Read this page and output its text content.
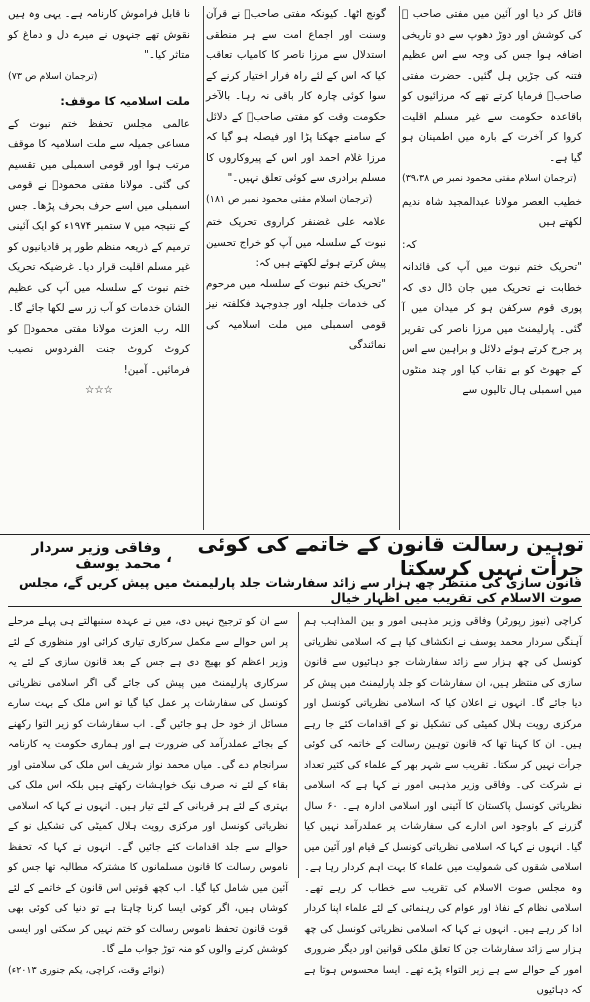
قائل کر دیا اور آئین میں مفتی صاحب ؒ کی کوشش اور دوڑ دھوپ سے دو تاریخی اضافہ ہوا جس کی وجہ سے اس عظیم فتنہ کی جڑیں ہل گئیں۔ حضرت مفتی صاحبؒ فرمایا کرتے تھے کہ مرزائیوں کو باقاعدہ حکومت سے غیر مسلم اقلیت کروا کر آخرت کے بارہ میں اطمینان ہو گیا ہے۔

(ترجمان اسلام مفتی محمود نمبر ص ۳۹،۳۸)

خطیب العصر مولانا عبدالمجید شاہ ندیم لکھتے ہیں

کہ:

"تحریک ختم نبوت میں آپ کی قائدانہ خطابت نے تحریک میں جان ڈال دی کہ پوری قوم سرکفن ہو کر میدان میں آ گئی۔ پارلیمنٹ میں مرزا ناصر کی تقریر پر جرح کرتے ہوئے دلائل و براہین سے اس کے جھوٹ کو بے نقاب کیا اور چند منٹوں میں اسمبلی ہال تالیوں سے

گونج اٹھا۔ کیونکہ مفتی صاحبؒ نے قرآن وسنت اور اجماع امت سے ہر منطقی استدلال سے مرزا ناصر کا کامیاب تعاقب کیا کہ اس کے لئے راہ فرار اختیار کرنے کے سوا کوئی چارہ کار باقی نہ رہا۔ بالآخر حکومت وقت کو مفتی صاحبؒ کے دلائل کے سامنے جھکنا پڑا اور فیصلہ ہو گیا کہ مرزا غلام احمد اور اس کے پیروکاروں کا مسلم برادری سے کوئی تعلق نہیں۔"

(ترجمان اسلام مفتی محمود نمبر ص ۱۸۱)

علامہ علی غضنفر کراروی تحریک ختم نبوت کے سلسلہ میں آپ کو خراج تحسین پیش کرتے ہوئے لکھتے ہیں کہ:

"تحریک ختم نبوت کے سلسلہ میں مرحوم کی خدمات جلیلہ اور جدوجہد فکلفتہ نیز قومی اسمبلی میں ملت اسلامیہ کی نمائندگی

نا قابل فراموش کارنامہ ہے۔ یہی وہ ہیں نقوش تھے جنہوں نے میرے دل و دماغ کو متاثر کیا۔"

(ترجمان اسلام ص ۷۳)

ملت اسلامیہ کا موقف:

عالمی مجلس تحفظ ختم نبوت کے مساعی جمیلہ سے ملت اسلامیہ کا موقف مرتب ہوا اور قومی اسمبلی میں تقسیم کی گئی۔ مولانا مفتی محمودؒ نے قومی اسمبلی میں اسے حرف بحرف پڑھا۔ جس کے نتیجہ میں ۷ ستمبر ۱۹۷۴ء کو ایک آئینی ترمیم کے ذریعہ منظم طور پر قادیانیوں کو غیر مسلم اقلیت قرار دیا۔ غرضیکہ تحریک ختم نبوت کے سلسلہ میں آپ کی عظیم الشان خدمات کو آب زر سے لکھا جائے گا۔ اللہ رب العزت مولانا مفتی محمودؒ کو کروٹ کروٹ جنت الفردوس نصیب فرمائیں۔ آمین!

☆☆☆

توہین رسالت قانون کے خاتمے کی کوئی جرأت نہیں کرسکتا
،
وفاقی وزیر سردار محمد یوسف
قانون سازی کی منتظر چھ ہزار سے زائد سفارشات جلد پارلیمنٹ میں پیش کریں گے، مجلس صوت الاسلام کی تقریب میں اظہار خیال

کراچی (نیوز رپورٹر) وفاقی وزیر مذہبی امور و بین المذاہب ہم آہنگی سردار محمد یوسف نے انکشاف کیا ہے کہ اسلامی نظریاتی کونسل کی چھ ہزار سے زائد سفارشات جو دہائیوں سے قانون سازی کی منتظر ہیں، ان سفارشات کو جلد پارلیمنٹ میں پیش کر دیا جائے گا۔ انہوں نے اعلان کیا کہ اسلامی نظریاتی کونسل اور مرکزی رویت ہلال کمیٹی کی تشکیل نو کے اقدامات کئے جا رہے ہیں۔ ان کا کہنا تھا کہ قانون توہین رسالت کے خاتمہ کی کوئی جرأت نہیں کر سکتا۔ تقریب سے شہر بھر کے علماء کی کثیر تعداد نے شرکت کی۔ وفاقی وزیر مذہبی امور نے کہا ہے کہ اسلامی نظریاتی کونسل پاکستان کا آئینی اور اسلامی ادارہ ہے۔ ۶۰ سال گزرنے کے باوجود اس ادارے کی سفارشات پر عملدرآمد نہیں کیا گیا۔ انہوں نے کہا کہ اسلامی نظریاتی کونسل کے قیام اور آئین میں اسلامی شقوں کی شمولیت میں علماء کا بہت اہم کردار رہا ہے۔ وہ مجلس صوت الاسلام کی تقریب سے خطاب کر رہے تھے۔ اسلامی نظام کے نفاذ اور عوام کی رہنمائی کے لئے علماء اپنا کردار ادا کر رہے ہیں۔ انہوں نے کہا کہ اسلامی نظریاتی کونسل کی چھ ہزار سے زائد سفارشات جن کا تعلق ملکی قوانین اور دیگر ضروری امور کے حوالے سے ہے زیر التواء پڑے تھے۔ ایسا محسوس ہوتا ہے کہ دہائیوں

سے ان کو ترجیح نہیں دی، میں نے عہدہ سنبھالتے ہی پہلے مرحلے پر اس حوالے سے مکمل سرکاری تیاری کرائی اور منظوری کے لئے وزیر اعظم کو بھیج دی ہے جس کے بعد قانون سازی کے لئے یہ سرکاری پارلیمنٹ میں پیش کی جائے گی اگر اسلامی نظریاتی کونسل کی سفارشات پر عمل کیا گیا تو اس ملک کے بہت سارے مسائل از خود حل ہو جائیں گے۔ اب سفارشات کو زیر التوا رکھنے کے بجائے عملدرآمد کی ضرورت ہے اور ہماری حکومت یہ کارنامہ سرانجام دے گی۔ میاں محمد نواز شریف اس ملک کی سلامتی اور بقاء کے لئے نہ صرف نیک خواہشات رکھتے ہیں بلکہ اس ملک کی بہتری کے لئے ہر قربانی کے لئے تیار ہیں۔ انہوں نے کہا کہ اسلامی نظریاتی کونسل اور مرکزی رویت ہلال کمیٹی کی تشکیل نو کے حوالے سے جلد اقدامات کئے جائیں گے۔ انہوں نے کہا کہ تحفظ ناموس رسالت کا قانون مسلمانوں کا مشترکہ مطالبہ تھا جس کو آئین میں شامل کیا گیا۔ اب کچھ قوتیں اس قانون کے خاتمے کے لئے کوشاں ہیں، اگر کوئی ایسا کرنا چاہتا ہے تو دنیا کی کوئی بھی قوت قانون تحفظ ناموس رسالت کو ختم نہیں کر سکتی اور ایسی کوشش کرنے والوں کو منہ توڑ جواب ملے گا۔

(نوائے وقت، کراچی، یکم جنوری ۲۰۱۳ء)
